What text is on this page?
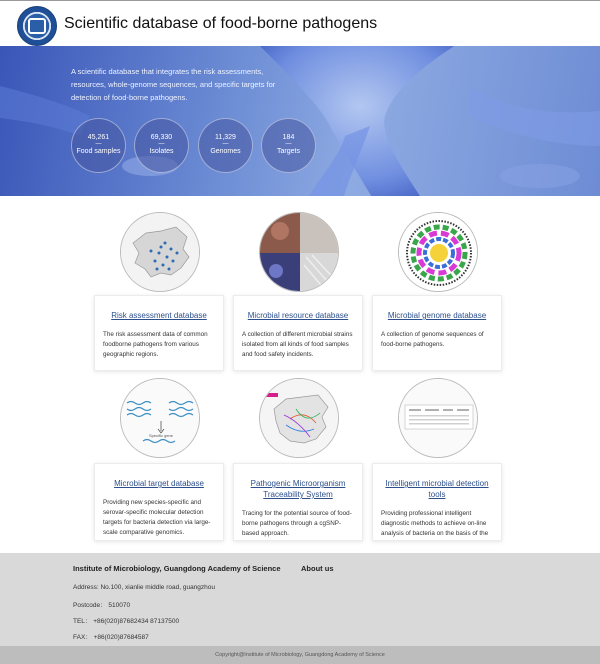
Scientific database of food-borne pathogens
A scientific database that integrates the risk assessments, resources, whole-genome sequences, and specific targets for detection of food-borne pathogens.
45,261
—
Food samples
69,330
—
Isolates
11,329
—
Genomes
184
—
Targets
Risk assessment database
The risk assessment data of common foodborne pathogens from various geographic regions.
Microbial resource database
A collection of different microbial strains isolated from all kinds of food samples and food safety incidents.
Microbial genome database
A collection of genome sequences of food-borne pathogens.
Specific gene
Microbial target database
Providing new species-specific and serovar-specific molecular detection targets for bacteria detection via large-scale comparative genomics.
Pathogenic Microorganism Traceability System
Tracing for the potential source of food-borne pathogens through a cgSNP-based approach.
Intelligent microbial detection tools
Providing professional intelligent diagnostic methods to achieve on-line analysis of bacteria on the basis of the
Institute of Microbiology, Guangdong Academy of Science	About us
Address: No.100, xianlie middle road, guangzhou
Postcode： 510070
TEL： +86(020)87682434 87137500
FAX： +86(020)87684587
Copyright@Institute of Microbiology, Guangdong Academy of Science
